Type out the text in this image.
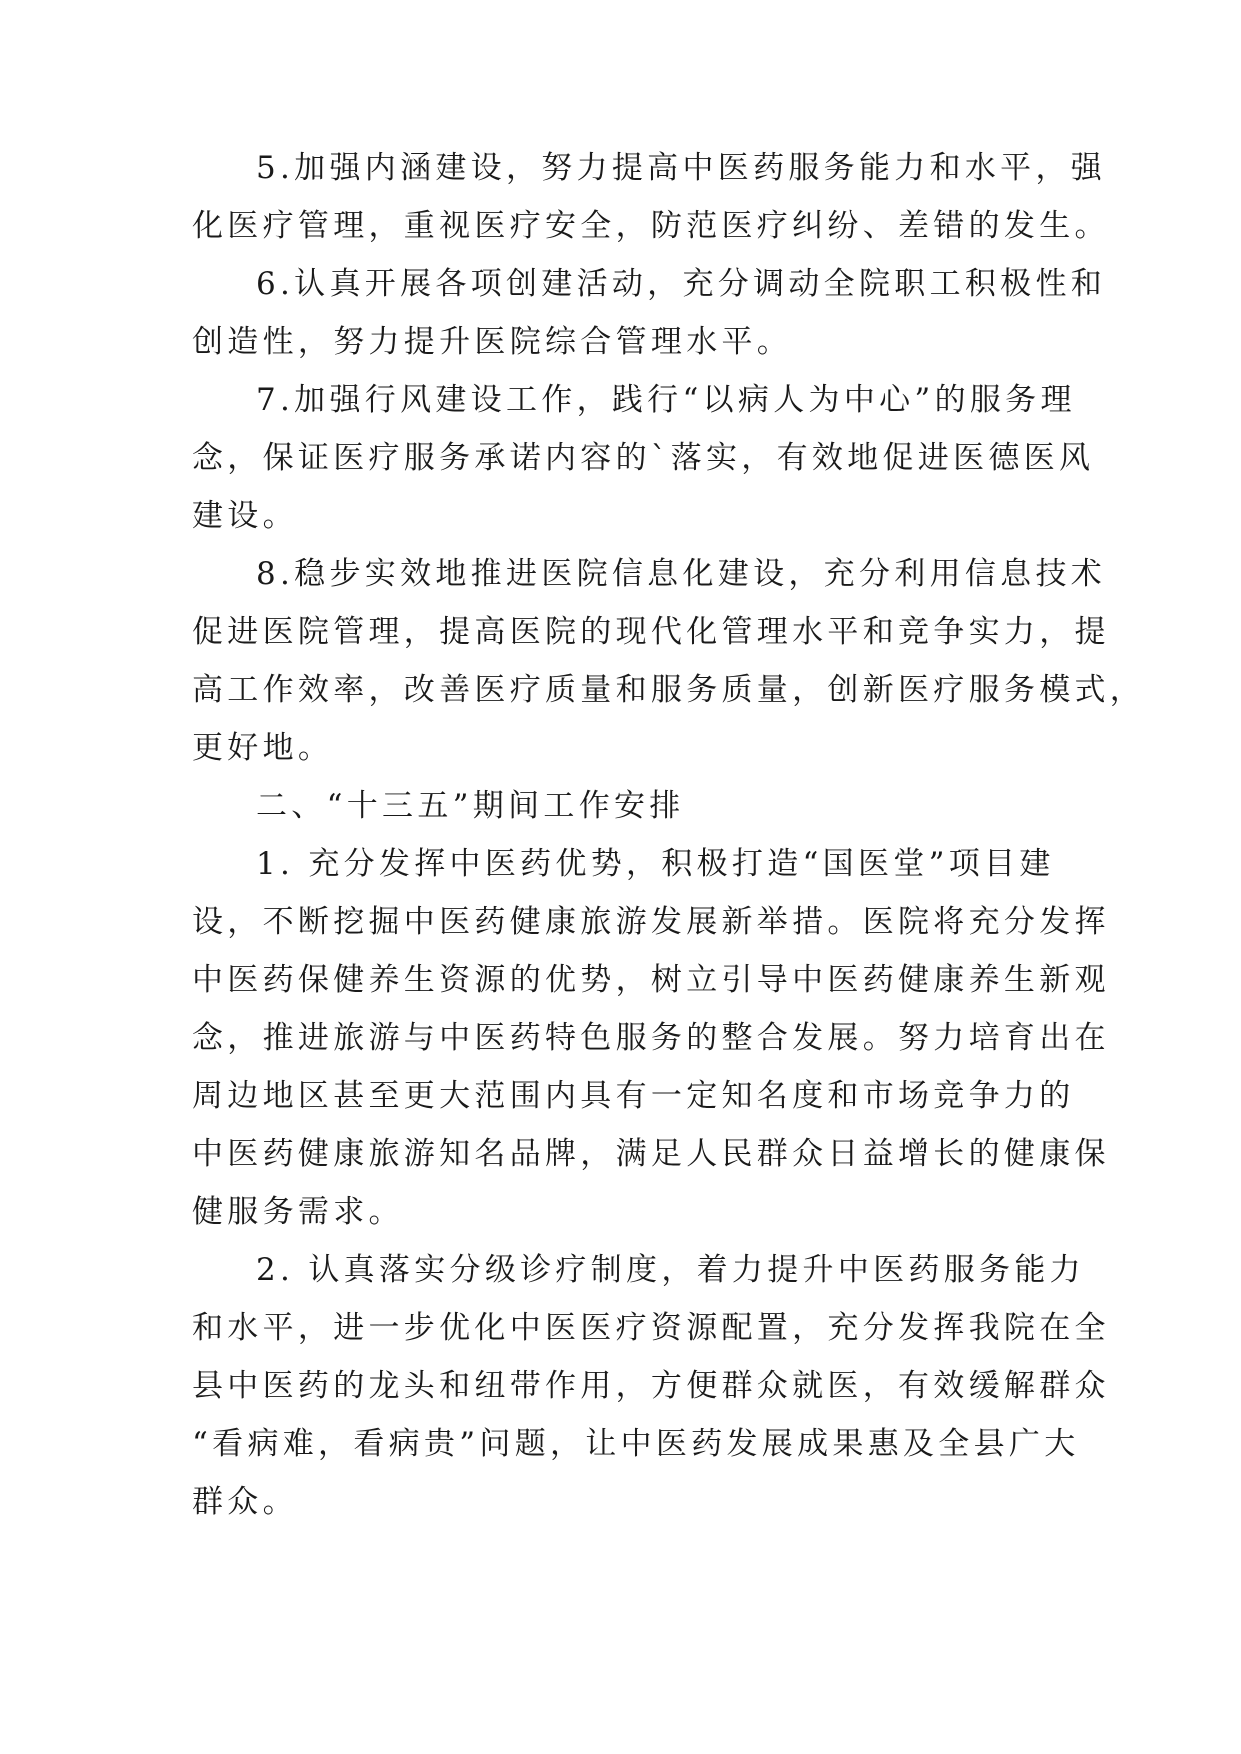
5.加强内涵建设，努力提高中医药服务能力和水平，强
化医疗管理，重视医疗安全，防范医疗纠纷、差错的发生。
6.认真开展各项创建活动，充分调动全院职工积极性和
创造性，努力提升医院综合管理水平。
7.加强行风建设工作，践行“以病人为中心”的服务理
念，保证医疗服务承诺内容的`落实，有效地促进医德医风
建设。
8.稳步实效地推进医院信息化建设，充分利用信息技术
促进医院管理，提高医院的现代化管理水平和竞争实力，提
高工作效率，改善医疗质量和服务质量，创新医疗服务模式，
更好地。
二、“十三五”期间工作安排
1. 充分发挥中医药优势，积极打造“国医堂”项目建
设，不断挖掘中医药健康旅游发展新举措。医院将充分发挥
中医药保健养生资源的优势，树立引导中医药健康养生新观
念，推进旅游与中医药特色服务的整合发展。努力培育出在
周边地区甚至更大范围内具有一定知名度和市场竞争力的
中医药健康旅游知名品牌，满足人民群众日益增长的健康保
健服务需求。
2. 认真落实分级诊疗制度，着力提升中医药服务能力
和水平，进一步优化中医医疗资源配置，充分发挥我院在全
县中医药的龙头和纽带作用，方便群众就医，有效缓解群众
“看病难，看病贵”问题，让中医药发展成果惠及全县广大
群众。
